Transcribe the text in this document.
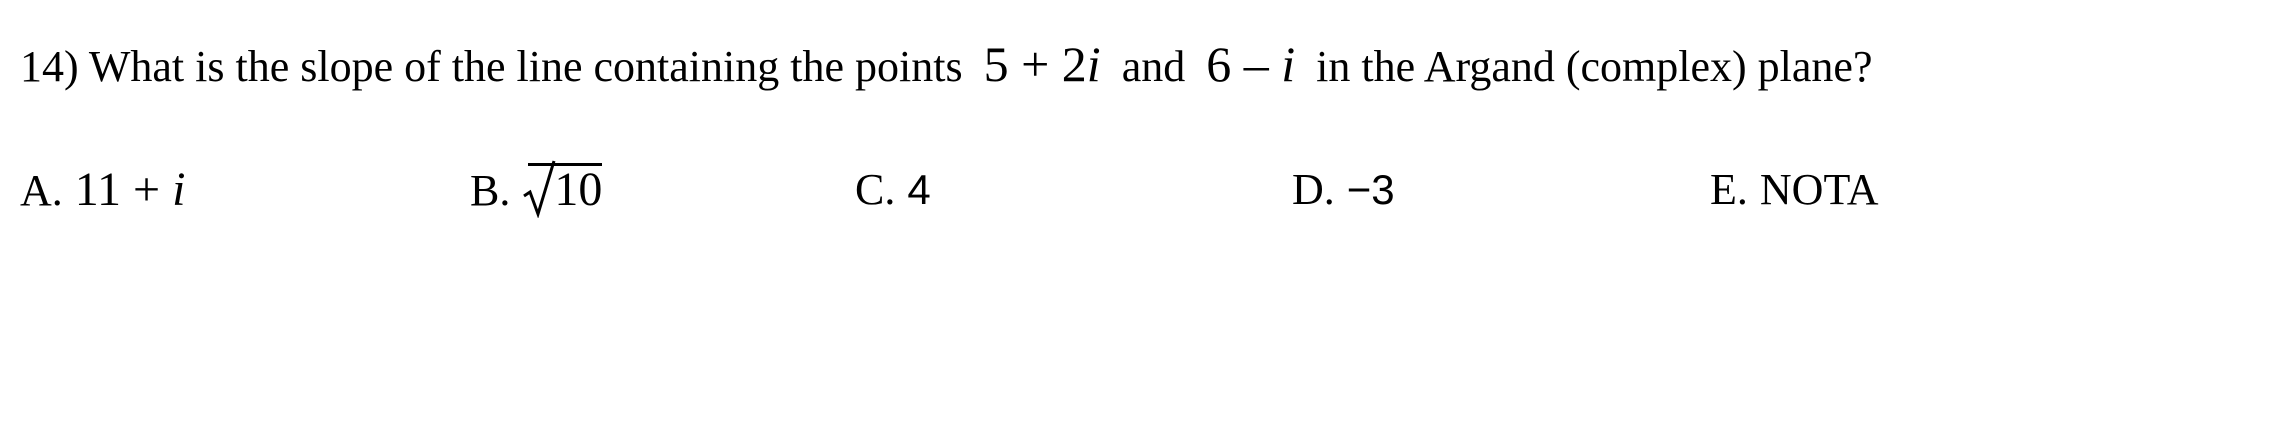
14) What is the slope of the line containing the points 5 + 2i and 6 – i in the Argand (complex) plane?
A. 11 + i	B. 10	C. 4	D. −3	E. NOTA
